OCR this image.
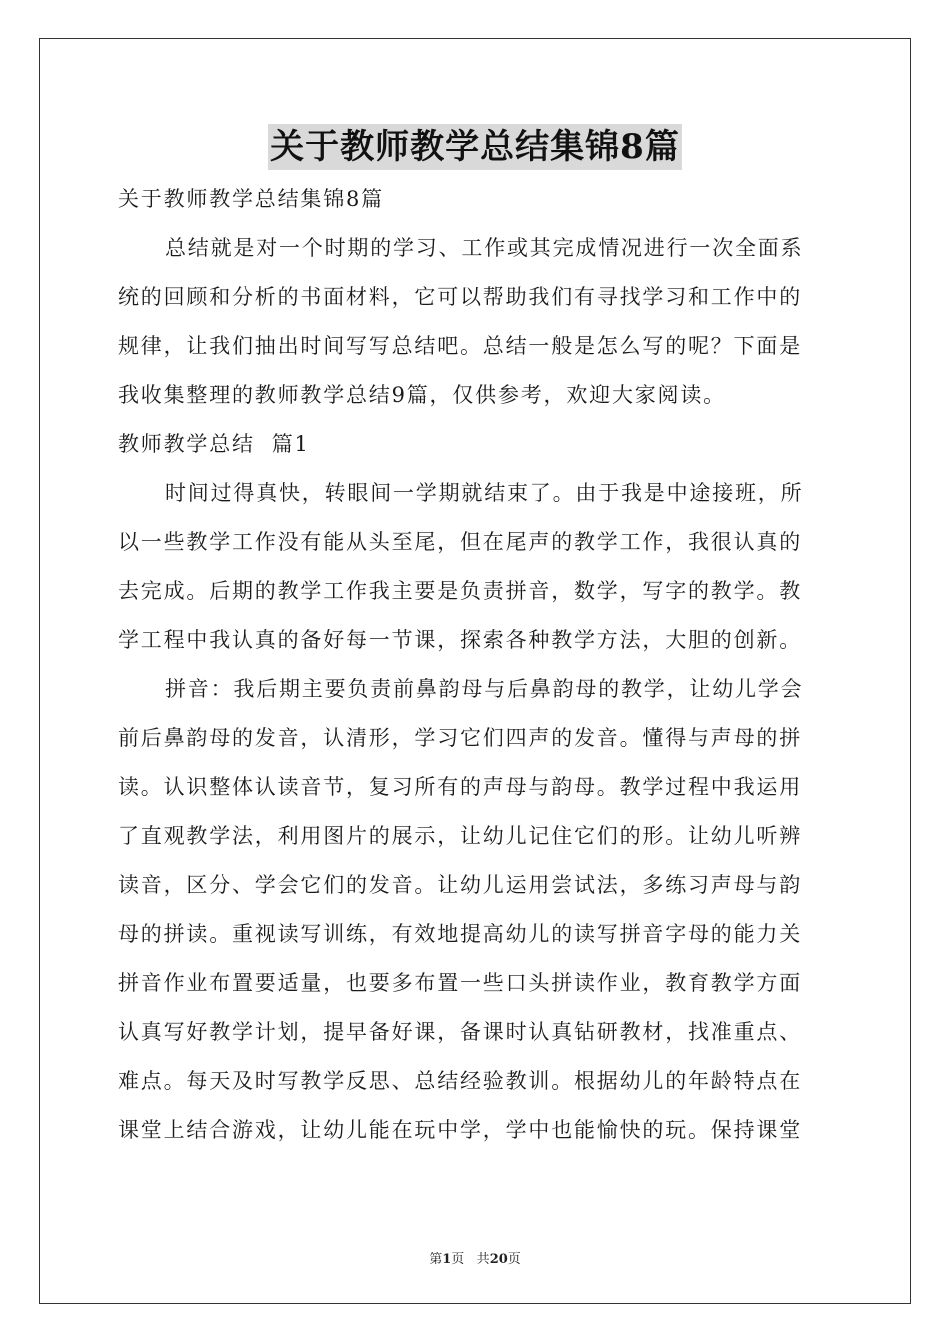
关于教师教学总结集锦8篇
关于教师教学总结集锦8篇
总结就是对一个时期的学习、工作或其完成情况进行一次全面系
统的回顾和分析的书面材料，它可以帮助我们有寻找学习和工作中的
规律，让我们抽出时间写写总结吧。总结一般是怎么写的呢？下面是
我收集整理的教师教学总结9篇，仅供参考，欢迎大家阅读。
教师教学总结  篇1
时间过得真快，转眼间一学期就结束了。由于我是中途接班，所
以一些教学工作没有能从头至尾，但在尾声的教学工作，我很认真的
去完成。后期的教学工作我主要是负责拼音，数学，写字的教学。教
学工程中我认真的备好每一节课，探索各种教学方法，大胆的创新。
拼音：我后期主要负责前鼻韵母与后鼻韵母的教学，让幼儿学会
前后鼻韵母的发音，认清形，学习它们四声的发音。懂得与声母的拼
读。认识整体认读音节，复习所有的声母与韵母。教学过程中我运用
了直观教学法，利用图片的展示，让幼儿记住它们的形。让幼儿听辨
读音，区分、学会它们的发音。让幼儿运用尝试法，多练习声母与韵
母的拼读。重视读写训练，有效地提高幼儿的读写拼音字母的能力关
拼音作业布置要适量，也要多布置一些口头拼读作业，教育教学方面
认真写好教学计划，提早备好课，备课时认真钻研教材，找准重点、
难点。每天及时写教学反思、总结经验教训。根据幼儿的年龄特点在
课堂上结合游戏，让幼儿能在玩中学，学中也能愉快的玩。保持课堂
第1页 共20页
